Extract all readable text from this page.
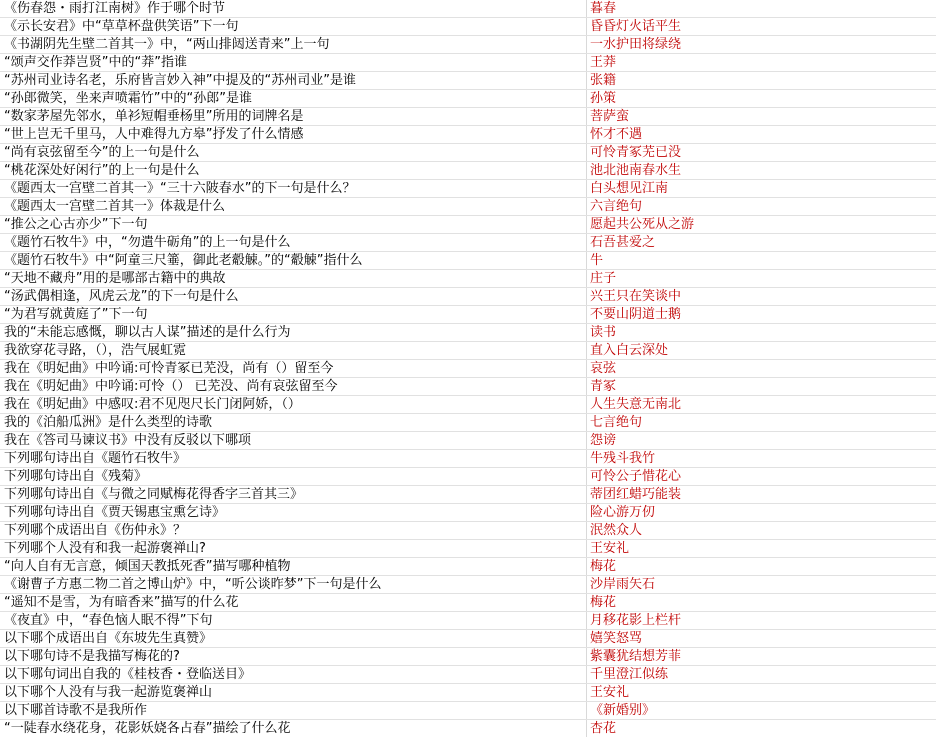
《伤春怨・雨打江南树》作于哪个时节	暮春
《示长安君》中“草草杯盘供笑语”下一句	昏昏灯火话平生
《书湖阴先生壁二首其一》中，“两山排闼送青来”上一句	一水护田将绿绕
“颂声交作莽岂贤”中的“莽”指谁	王莽
“苏州司业诗名老，乐府皆言妙入神”中提及的“苏州司业”是谁	张籍
“孙郎微笑，坐来声喷霜竹”中的“孙郎”是谁	孙策
“数家茅屋先邻水，单衫短帽垂杨里”所用的词牌名是	菩萨蛮
“世上岂无千里马，人中难得九方皋”抒发了什么情感	怀才不遇
“尚有哀弦留至今”的上一句是什么	可怜青冢芜已没
“桃花深处好闲行”的上一句是什么	池北池南春水生
《题西太一宫壁二首其一》“三十六陂春水”的下一句是什么？	白头想见江南
《题西太一宫壁二首其一》体裁是什么	六言绝句
“推公之心古亦少”下一句	愿起共公死从之游
《题竹石牧牛》中，“勿遣牛砺角”的上一句是什么	石吾甚爱之
《题竹石牧牛》中“阿童三尺箠，御此老觳觫。”的“觳觫”指什么	牛
“天地不藏舟”用的是哪部古籍中的典故	庄子
“汤武偶相逢，风虎云龙”的下一句是什么	兴王只在笑谈中
“为君写就黄庭了”下一句	不要山阴道士鹅
我的“未能忘感慨，聊以古人谋”描述的是什么行为	读书
我欲穿花寻路，（），浩气展虹霓	直入白云深处
我在《明妃曲》中吟诵:可怜青冢已芜没，尚有（）留至今	哀弦
我在《明妃曲》中吟诵:可怜（） 已芜没、尚有哀弦留至今	青冢
我在《明妃曲》中感叹:君不见咫尺长门闭阿娇，（）	人生失意无南北
我的《泊船瓜洲》是什么类型的诗歌	七言绝句
我在《答司马谏议书》中没有反驳以下哪项	怨谤
下列哪句诗出自《题竹石牧牛》	牛残斗我竹
下列哪句诗出自《残菊》	可怜公子惜花心
下列哪句诗出自《与微之同赋梅花得香字三首其三》	蒂团红蜡巧能装
下列哪句诗出自《贾天锡惠宝熏乞诗》	险心游万仞
下列哪个成语出自《伤仲永》？	泯然众人
下列哪个人没有和我一起游褒禅山?	王安礼
“向人自有无言意，倾国天教抵死香”描写哪种植物	梅花
《谢曹子方惠二物二首之博山炉》中，“听公谈昨梦”下一句是什么	沙岸雨矢石
“遥知不是雪，为有暗香来”描写的什么花	梅花
《夜直》中，“春色恼人眠不得”下句	月移花影上栏杆
以下哪个成语出自《东坡先生真赞》	嬉笑怒骂
以下哪句诗不是我描写梅花的?	紫囊犹结想芳菲
以下哪句词出自我的《桂枝香・登临送目》	千里澄江似练
以下哪个人没有与我一起游览褒禅山	王安礼
以下哪首诗歌不是我所作	《新婚别》
“一陡春水绕花身，花影妖娆各占春”描绘了什么花	杏花
